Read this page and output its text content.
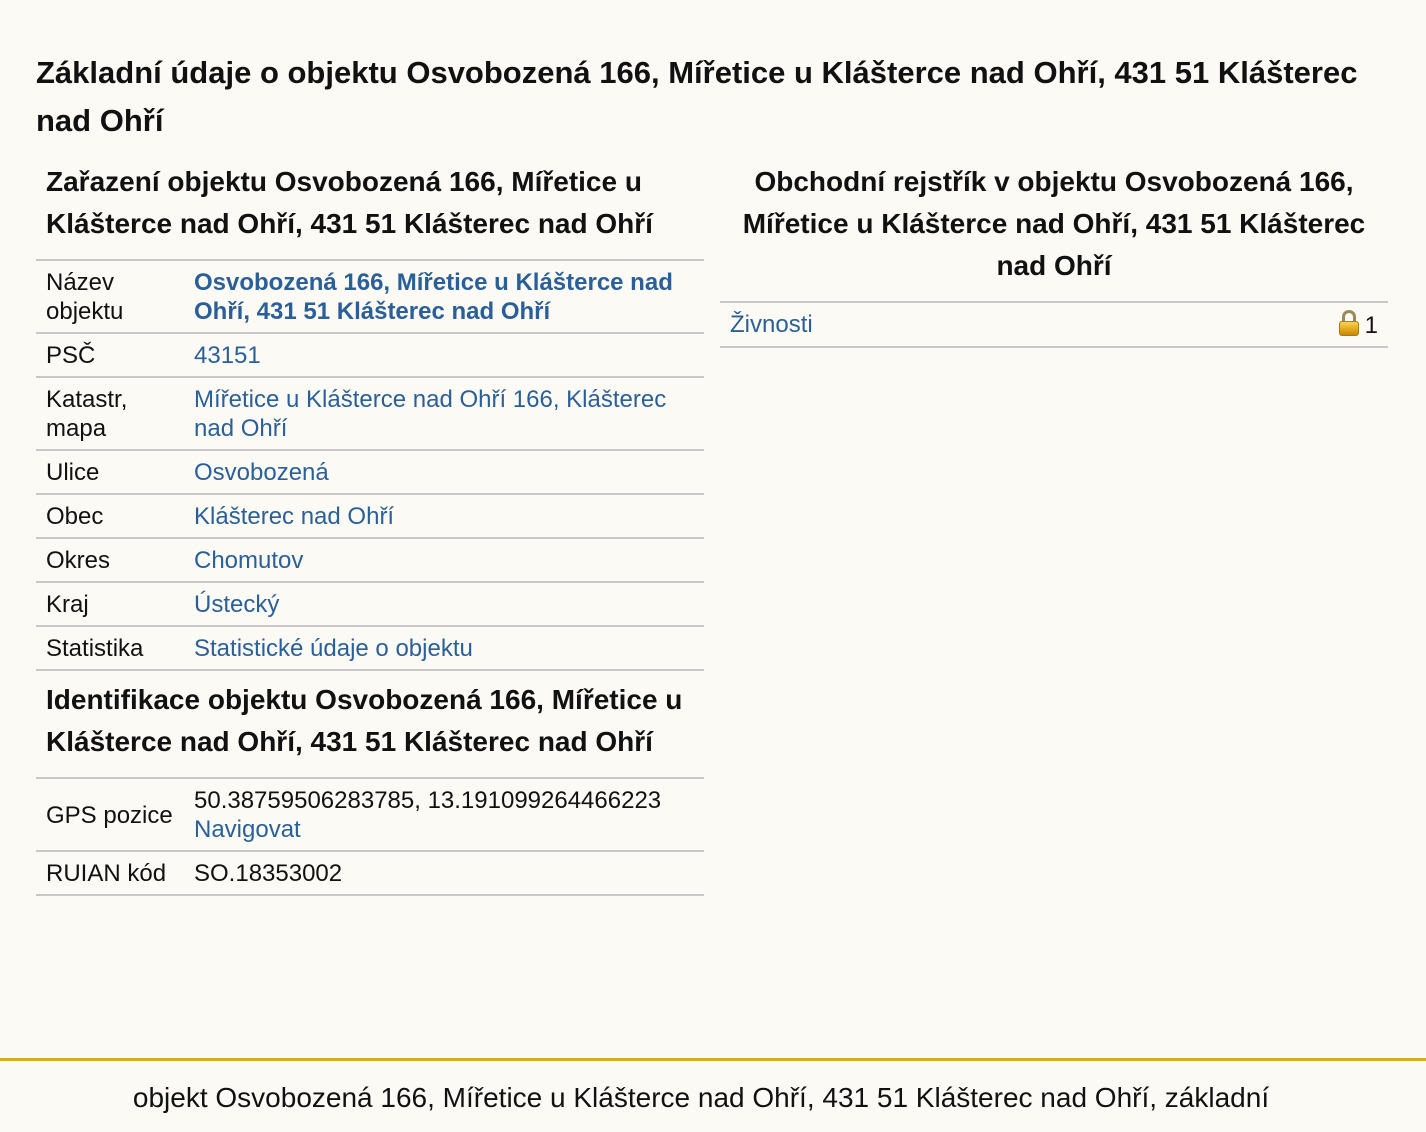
Základní údaje o objektu Osvobozená 166, Mířetice u Klášterce nad Ohří, 431 51 Klášterec nad Ohří
Zařazení objektu Osvobozená 166, Mířetice u Klášterce nad Ohří, 431 51 Klášterec nad Ohří
Název objektu	Osvobozená 166, Mířetice u Klášterce nad Ohří, 431 51 Klášterec nad Ohří
PSČ	43151
Katastr, mapa	Mířetice u Klášterce nad Ohří 166, Klášterec nad Ohří
Ulice	Osvobozená
Obec	Klášterec nad Ohří
Okres	Chomutov
Kraj	Ústecký
Statistika	Statistické údaje o objektu
Identifikace objektu Osvobozená 166, Mířetice u Klášterce nad Ohří, 431 51 Klášterec nad Ohří
GPS pozice	50.38759506283785, 13.191099264466223
Navigovat
RUIAN kód	SO.18353002
Obchodní rejstřík v objektu Osvobozená 166, Mířetice u Klášterce nad Ohří, 431 51 Klášterec nad Ohří
Živnosti	1
objekt Osvobozená 166, Mířetice u Klášterce nad Ohří, 431 51 Klášterec nad Ohří, základní
